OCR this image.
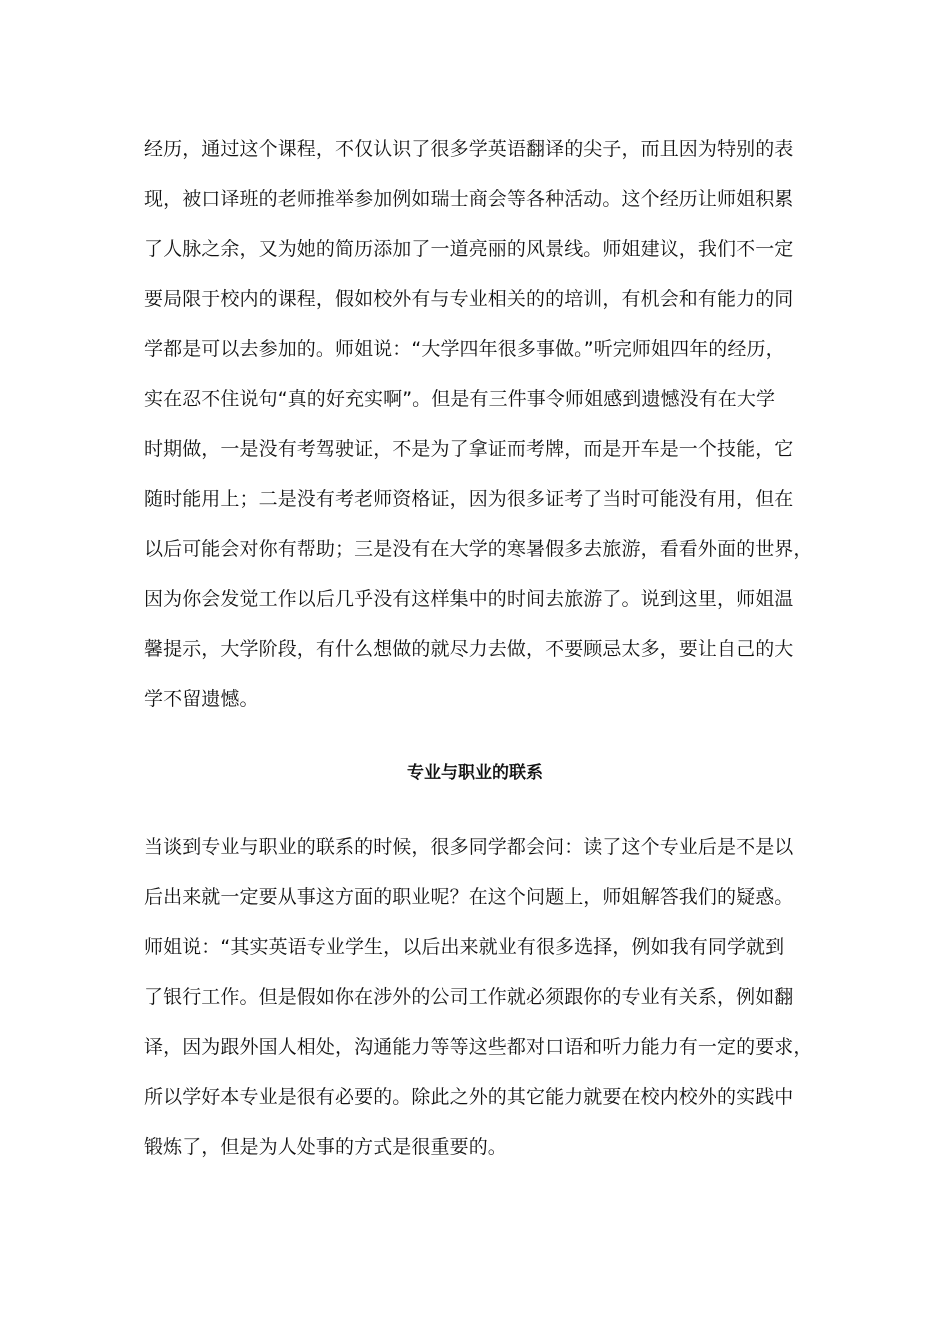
经历，通过这个课程，不仅认识了很多学英语翻译的尖子，而且因为特别的表
现，被口译班的老师推举参加例如瑞士商会等各种活动。这个经历让师姐积累
了人脉之余，又为她的简历添加了一道亮丽的风景线。师姐建议，我们不一定
要局限于校内的课程，假如校外有与专业相关的的培训，有机会和有能力的同
学都是可以去参加的。师姐说：“大学四年很多事做。”听完师姐四年的经历，
实在忍不住说句“真的好充实啊”。但是有三件事令师姐感到遗憾没有在大学
时期做，一是没有考驾驶证，不是为了拿证而考牌，而是开车是一个技能，它
随时能用上；二是没有考老师资格证，因为很多证考了当时可能没有用，但在
以后可能会对你有帮助；三是没有在大学的寒暑假多去旅游，看看外面的世界，
因为你会发觉工作以后几乎没有这样集中的时间去旅游了。说到这里，师姐温
馨提示，大学阶段，有什么想做的就尽力去做，不要顾忌太多，要让自己的大
学不留遗憾。
专业与职业的联系
当谈到专业与职业的联系的时候，很多同学都会问：读了这个专业后是不是以
后出来就一定要从事这方面的职业呢？在这个问题上，师姐解答我们的疑惑。
师姐说：“其实英语专业学生，以后出来就业有很多选择，例如我有同学就到
了银行工作。但是假如你在涉外的公司工作就必须跟你的专业有关系，例如翻
译，因为跟外国人相处，沟通能力等等这些都对口语和听力能力有一定的要求，
所以学好本专业是很有必要的。除此之外的其它能力就要在校内校外的实践中
锻炼了，但是为人处事的方式是很重要的。
